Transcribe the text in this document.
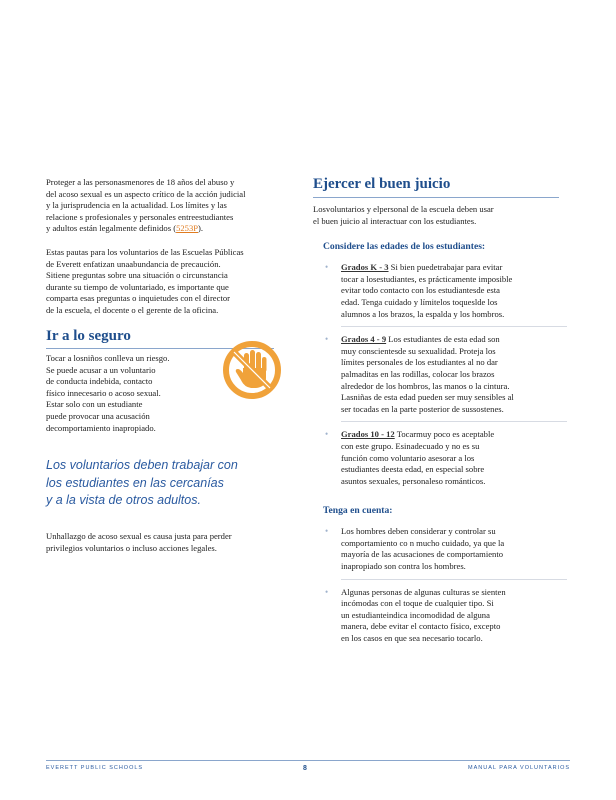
Proteger a las personasmenores de 18 años del abuso y

del acoso sexual es un aspecto crítico de la acción judicial

y la jurisprudencia en la actualidad. Los límites y las

relacione s profesionales y personales entreestudiantes

y adultos están legalmente definidos (5253P).

Estas pautas para los voluntarios de las Escuelas Públicas

de Everett enfatizan unaabundancia de precaución.

Sitiene preguntas sobre una situación o circunstancia

durante su tiempo de voluntariado, es importante que

comparta esas preguntas o inquietudes con el director

de la escuela, el docente o el gerente de la oficina.

Ir a lo seguro

Tocar a losniños conlleva un riesgo.

Se puede acusar a un voluntario

de conducta indebida, contacto

físico innecesario o acoso sexual.

Estar solo con un estudiante

puede provocar una acusación

decomportamiento inapropiado.

Los voluntarios deben trabajar con

los estudiantes en las cercanías

y a la vista de otros adultos.

Unhallazgo de acoso sexual es causa justa para perder

privilegios voluntarios o incluso acciones legales.

Ejercer el buen juicio

Losvoluntarios y elpersonal de la escuela deben usar

el buen juicio al interactuar con los estudiantes.

Considere las edades de los estudiantes:
• Grados K - 3 Si bien puedetrabajar para evitar

tocar a losestudiantes, es prácticamente imposible

evitar todo contacto con los estudiantesde esta

edad. Tenga cuidado y límitelos toqueslde los

alumnos a los brazos, la espalda y los hombros.

• Grados 4 - 9 Los estudiantes de esta edad son

muy conscientesde su sexualidad. Proteja los

límites personales de los estudiantes al no dar

palmaditas en las rodillas, colocar los brazos

alrededor de los hombros, las manos o la cintura.

Lasniñas de esta edad pueden ser muy sensibles al

ser tocadas en la parte posterior de sussostenes.

• Grados 10 - 12 Tocarmuy poco es aceptable

con este grupo. Esinadecuado y no es su

función como voluntario asesorar a los

estudiantes deesta edad, en especial sobre

asuntos sexuales, personaleso románticos.

Tenga en cuenta:
• Los hombres deben considerar y controlar su

comportamiento co n mucho cuidado, ya que la

mayoría de las acusaciones de comportamiento

inapropiado son contra los hombres.

• Algunas personas de algunas culturas se sienten

incómodas con el toque de cualquier tipo. Si

un estudianteindica incomodidad de alguna

manera, debe evitar el contacto físico, excepto

en los casos en que sea necesario tocarlo.

EVERETT PUBLIC SCHOOLS	8	MANUAL PARA VOLUNTARIOS
